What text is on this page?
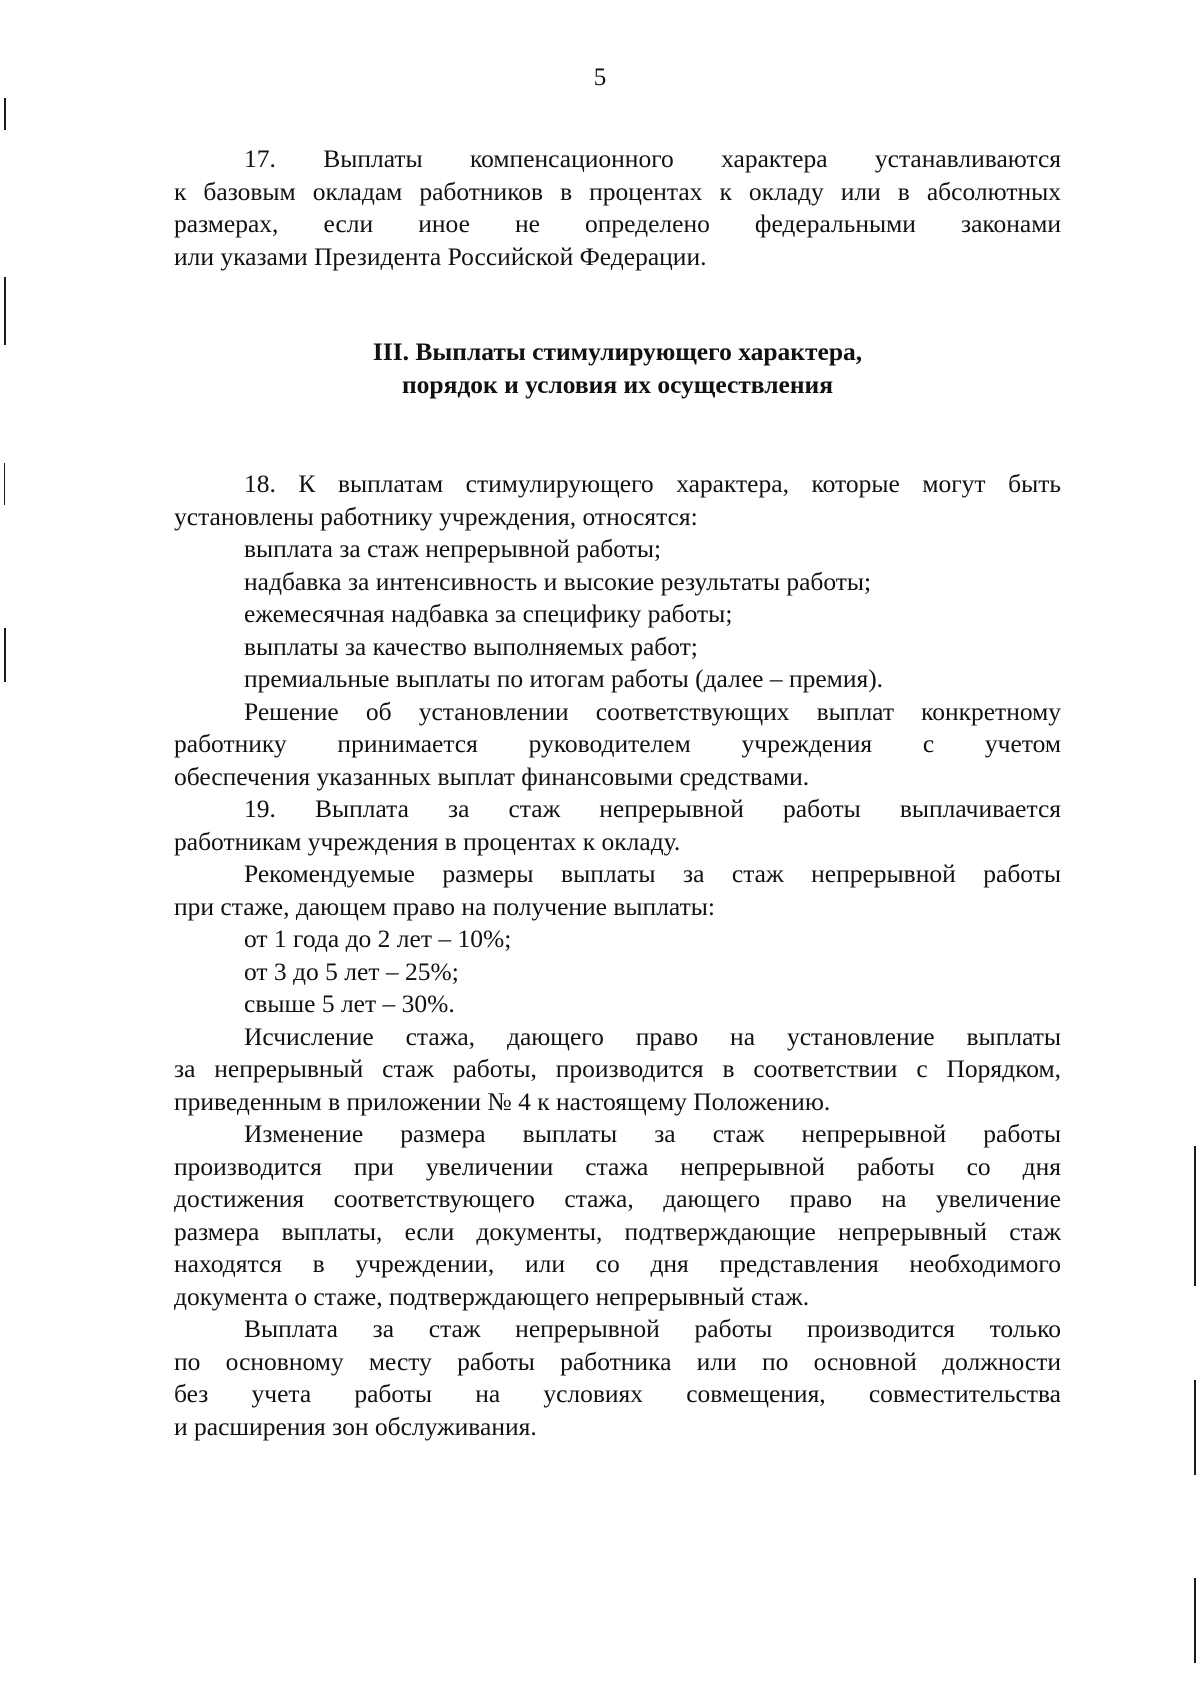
5
17. Выплаты компенсационного характера устанавливаются
к базовым окладам работников в процентах к окладу или в абсолютных
размерах, если иное не определено федеральными законами
или указами Президента Российской Федерации.
III. Выплаты стимулирующего характера,
порядок и условия их осуществления
18. К выплатам стимулирующего характера, которые могут быть
установлены работнику учреждения, относятся:
выплата за стаж непрерывной работы;
надбавка за интенсивность и высокие результаты работы;
ежемесячная надбавка за специфику работы;
выплаты за качество выполняемых работ;
премиальные выплаты по итогам работы (далее – премия).
Решение об установлении соответствующих выплат конкретному
работнику принимается руководителем учреждения с учетом
обеспечения указанных выплат финансовыми средствами.
19. Выплата за стаж непрерывной работы выплачивается
работникам учреждения в процентах к окладу.
Рекомендуемые размеры выплаты за стаж непрерывной работы
при стаже, дающем право на получение выплаты:
от 1 года до 2 лет – 10%;
от 3 до 5 лет – 25%;
свыше 5 лет – 30%.
Исчисление стажа, дающего право на установление выплаты
за непрерывный стаж работы, производится в соответствии с Порядком,
приведенным в приложении № 4 к настоящему Положению.
Изменение размера выплаты за стаж непрерывной работы
производится при увеличении стажа непрерывной работы со дня
достижения соответствующего стажа, дающего право на увеличение
размера выплаты, если документы, подтверждающие непрерывный стаж
находятся в учреждении, или со дня представления необходимого
документа о стаже, подтверждающего непрерывный стаж.
Выплата за стаж непрерывной работы производится только
по основному месту работы работника или по основной должности
без учета работы на условиях совмещения, совместительства
и расширения зон обслуживания.
